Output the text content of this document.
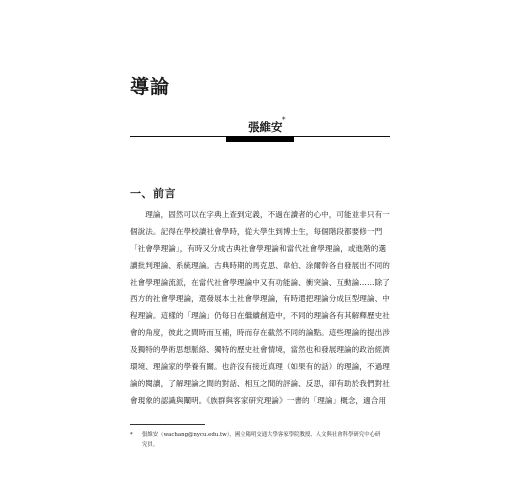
導論
張維安 *
一、前言
　　理論，固然可以在字典上查到定義，不過在讀者的心中，可能並非只有一
個說法。記得在學校讀社會學時，從大學生到博士生，每個階段都要修一門
「社會學理論」，有時又分成古典社會學理論和當代社會學理論，或進階的選
讀批判理論、系統理論。古典時期的馬克思、韋伯、涂爾幹各自發展出不同的
社會學理論流派，在當代社會學理論中又有功能論、衝突論、互動論……除了
西方的社會學理論，還發展本土社會學理論，有時還把理論分成巨型理論、中
程理論。這樣的「理論」仍每日在繼續創造中，不同的理論各有其解釋歷史社
會的角度，彼此之間時而互補，時而存在截然不同的論點。這些理論的提出涉
及獨特的學術思想脈絡、獨特的歷史社會情境，當然也和發展理論的政治經濟
環境、理論家的學養有關。也許沒有接近真理（如果有的話）的理論，不過理
論的閱讀，了解理論之間的對話、相互之間的評論、反思，卻有助於我們對社
會現象的認識與闡明。《族群與客家研究理論》一書的「理論」概念，適合用
* 張維安（wachang@nycu.edu.tw），國立陽明交通大學客家學院教授、人文與社會科學研究中心研
究員。
